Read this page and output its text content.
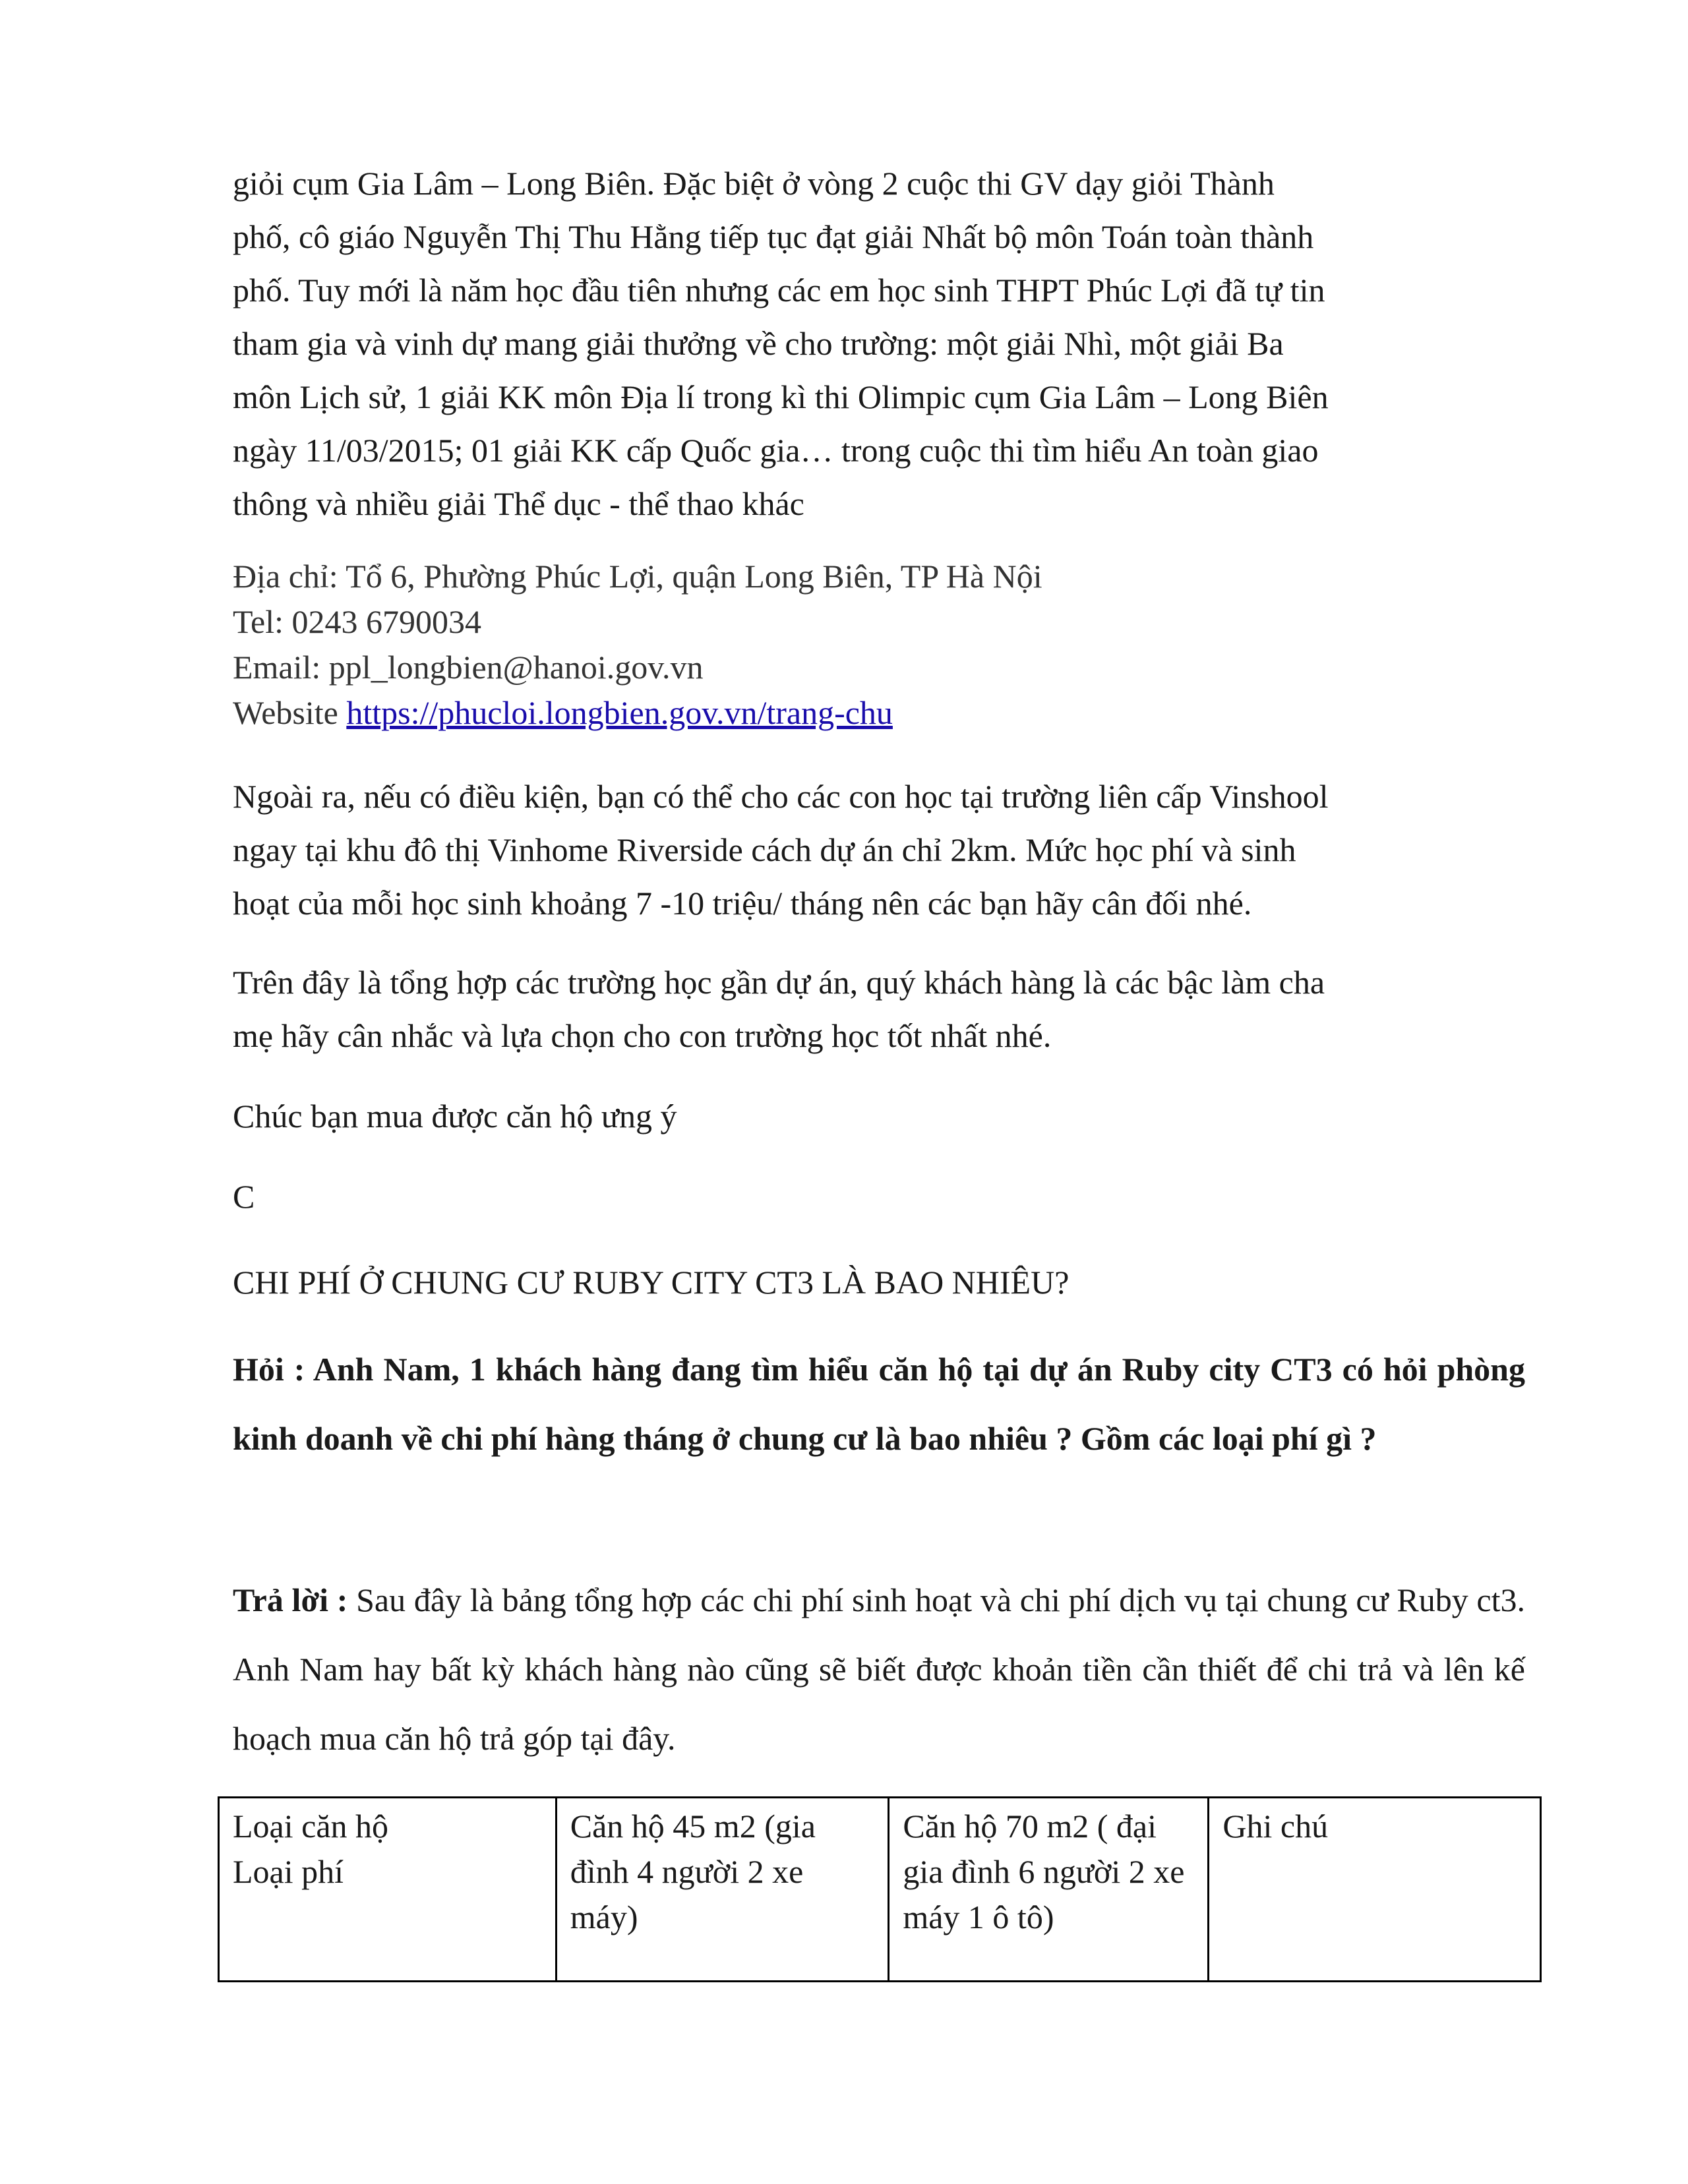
giỏi cụm Gia Lâm – Long Biên. Đặc biệt ở vòng 2 cuộc thi GV dạy giỏi Thành

phố, cô giáo Nguyễn Thị Thu Hằng tiếp tục đạt giải Nhất bộ môn Toán toàn thành

phố. Tuy mới là năm học đầu tiên nhưng các em học sinh THPT Phúc Lợi đã tự tin

tham gia và vinh dự mang giải thưởng về cho trường: một giải Nhì, một giải Ba

môn Lịch sử, 1 giải KK môn Địa lí trong kì thi Olimpic cụm Gia Lâm – Long Biên

ngày 11/03/2015; 01 giải KK cấp Quốc gia… trong cuộc thi tìm hiểu An toàn giao

thông và nhiều giải Thể dục - thể thao khác

Địa chỉ: Tổ 6, Phường Phúc Lợi, quận Long Biên, TP Hà Nội
Tel: 0243 6790034
Email: ppl_longbien@hanoi.gov.vn
Website https://phucloi.longbien.gov.vn/trang-chu

Ngoài ra, nếu có điều kiện, bạn có thể cho các con học tại trường liên cấp Vinshool

ngay tại khu đô thị Vinhome Riverside cách dự án chỉ 2km. Mức học phí và sinh

hoạt của mỗi học sinh khoảng 7 -10 triệu/ tháng nên các bạn hãy cân đối nhé.

Trên đây là tổng hợp các trường học gần dự án, quý khách hàng là các bậc làm cha

mẹ hãy cân nhắc và lựa chọn cho con trường học tốt nhất nhé.

Chúc bạn mua được căn hộ ưng ý

C

CHI PHÍ Ở CHUNG CƯ RUBY CITY CT3 LÀ BAO NHIÊU?

Hỏi : Anh Nam, 1 khách hàng đang tìm hiểu căn hộ tại dự án Ruby city CT3 có hỏi phòng kinh doanh về chi phí hàng tháng ở chung cư là bao nhiêu ? Gồm các loại phí gì ?

Trả lời : Sau đây là bảng tổng hợp các chi phí sinh hoạt và chi phí dịch vụ tại chung cư Ruby ct3. Anh Nam hay bất kỳ khách hàng nào cũng sẽ biết được khoản tiền cần thiết để chi trả và lên kế hoạch mua căn hộ trả góp tại đây.

Loại căn hộ
Loại phí
	Căn hộ 45 m2 (gia đình 4 người 2 xe máy)	Căn hộ 70 m2 ( đại gia đình 6 người 2 xe máy 1 ô tô)	Ghi chú
